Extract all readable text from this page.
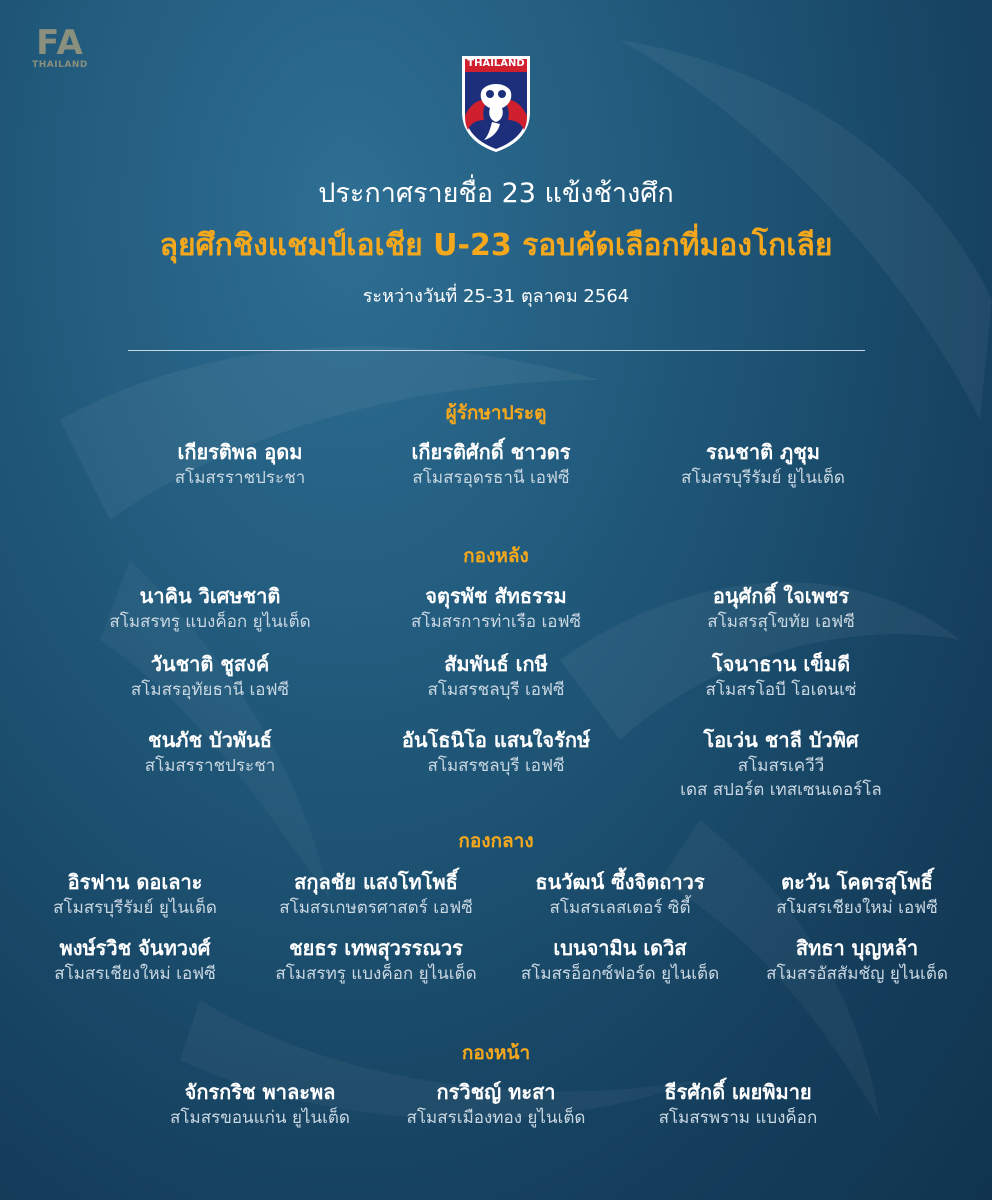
FA
THAILAND	THAILAND
ประกาศรายชื่อ 23 แข้งช้างศึก
ลุยศึกชิงแชมป์เอเชีย U-23 รอบคัดเลือกที่มองโกเลีย
ระหว่างวันที่ 25-31 ตุลาคม 2564
ผู้รักษาประตู
เกียรติพล อุดม
สโมสรราชประชา
เกียรติศักดิ์ ชาวดร
สโมสรอุดรธานี เอฟซี
รณชาติ ภูชุม
สโมสรบุรีรัมย์ ยูไนเต็ด
กองหลัง
นาคิน วิเศษชาติ
สโมสรทรู แบงค็อก ยูไนเต็ด
จตุรพัช สัทธรรม
สโมสรการท่าเรือ เอฟซี
อนุศักดิ์ ใจเพชร
สโมสรสุโขทัย เอฟซี
วันชาติ ชูสงค์
สโมสรอุทัยธานี เอฟซี
สัมพันธ์ เกษี
สโมสรชลบุรี เอฟซี
โจนาธาน เข็มดี
สโมสรโอบี โอเดนเซ่
ชนภัช บัวพันธ์
สโมสรราชประชา
อันโธนิโอ แสนใจรักษ์
สโมสรชลบุรี เอฟซี
โอเว่น ชาลี บัวพิศ
สโมสรเควีวี
เดส สปอร์ต เทสเซนเดอร์โล
กองกลาง
อิรฟาน ดอเลาะ
สโมสรบุรีรัมย์ ยูไนเต็ด
สกุลชัย แสงโทโพธิ์
สโมสรเกษตรศาสตร์ เอฟซี
ธนวัฒน์ ซึ้งจิตถาวร
สโมสรเลสเตอร์ ซิตี้
ตะวัน โคตรสุโพธิ์
สโมสรเชียงใหม่ เอฟซี
พงษ์รวิช จันทวงศ์
สโมสรเชียงใหม่ เอฟซี
ชยธร เทพสุวรรณวร
สโมสรทรู แบงค็อก ยูไนเต็ด
เบนจามิน เดวิส
สโมสรอ็อกซ์ฟอร์ด ยูไนเต็ด
สิทธา บุญหล้า
สโมสรอัสสัมชัญ ยูไนเต็ด
กองหน้า
จักรกริช พาละพล
สโมสรขอนแก่น ยูไนเต็ด
กรวิชญ์ ทะสา
สโมสรเมืองทอง ยูไนเต็ด
ธีรศักดิ์ เผยพิมาย
สโมสรพราม แบงค็อก
